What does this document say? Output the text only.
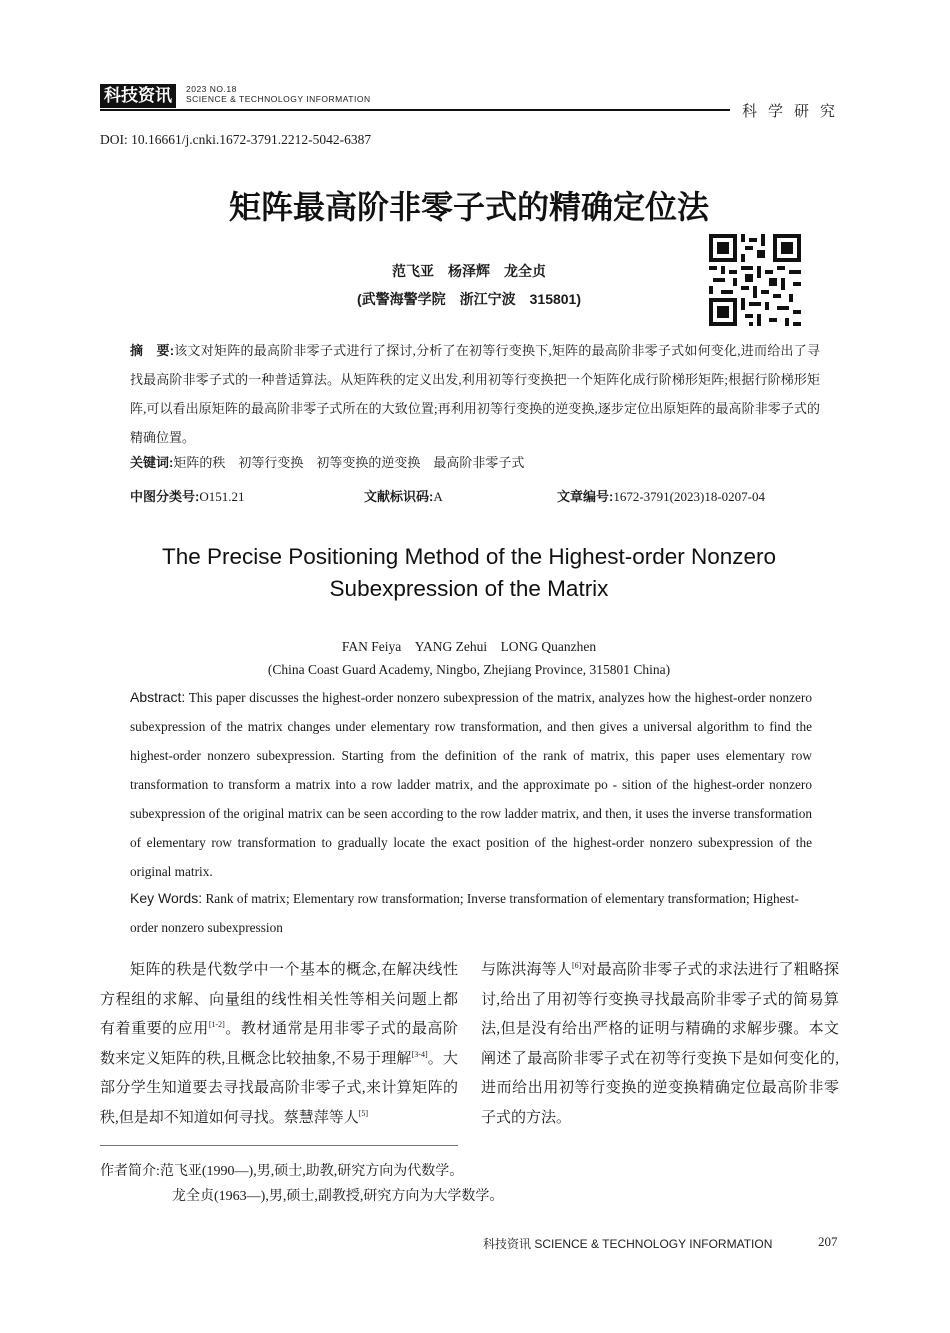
科技资讯	2023 NO.18
SCIENCE & TECHNOLOGY INFORMATION
科学研究
DOI: 10.16661/j.cnki.1672-3791.2212-5042-6387
矩阵最高阶非零子式的精确定位法
范飞亚　杨泽辉　龙全贞
(武警海警学院　浙江宁波　315801)
摘　要:该文对矩阵的最高阶非零子式进行了探讨,分析了在初等行变换下,矩阵的最高阶非零子式如何变化,进而给出了寻找最高阶非零子式的一种普适算法。从矩阵秩的定义出发,利用初等行变换把一个矩阵化成行阶梯形矩阵;根据行阶梯形矩阵,可以看出原矩阵的最高阶非零子式所在的大致位置;再利用初等行变换的逆变换,逐步定位出原矩阵的最高阶非零子式的精确位置。
关键词:矩阵的秩　初等行变换　初等变换的逆变换　最高阶非零子式
中图分类号:O151.21	文献标识码:A	文章编号:1672-3791(2023)18-0207-04
The Precise Positioning Method of the Highest-order Nonzero
Subexpression of the Matrix
FAN Feiya　YANG Zehui　LONG Quanzhen
(China Coast Guard Academy, Ningbo, Zhejiang Province, 315801 China)
Abstract: This paper discusses the highest-order nonzero subexpression of the matrix, analyzes how the highest-order nonzero subexpression of the matrix changes under elementary row transformation, and then gives a universal algorithm to find the highest-order nonzero subexpression. Starting from the definition of the rank of matrix, this paper uses elementary row transformation to transform a matrix into a row ladder matrix, and the approximate po - sition of the highest-order nonzero subexpression of the original matrix can be seen according to the row ladder matrix, and then, it uses the inverse transformation of elementary row transformation to gradually locate the exact position of the highest-order nonzero subexpression of the original matrix.
Key Words: Rank of matrix; Elementary row transformation; Inverse transformation of elementary transformation; Highest-order nonzero subexpression

矩阵的秩是代数学中一个基本的概念,在解决线性方程组的求解、向量组的线性相关性等相关问题上都有着重要的应用[1-2]。教材通常是用非零子式的最高阶数来定义矩阵的秩,且概念比较抽象,不易于理解[3-4]。大部分学生知道要去寻找最高阶非零子式,来计算矩阵的秩,但是却不知道如何寻找。蔡慧萍等人[5]

与陈洪海等人[6]对最高阶非零子式的求法进行了粗略探讨,给出了用初等行变换寻找最高阶非零子式的简易算法,但是没有给出严格的证明与精确的求解步骤。本文阐述了最高阶非零子式在初等行变换下是如何变化的,进而给出用初等行变换的逆变换精确定位最高阶非零子式的方法。

作者简介:范飞亚(1990—),男,硕士,助教,研究方向为代数学。
龙全贞(1963—),男,硕士,副教授,研究方向为大学数学。
科技资讯 SCIENCE & TECHNOLOGY INFORMATION	207
